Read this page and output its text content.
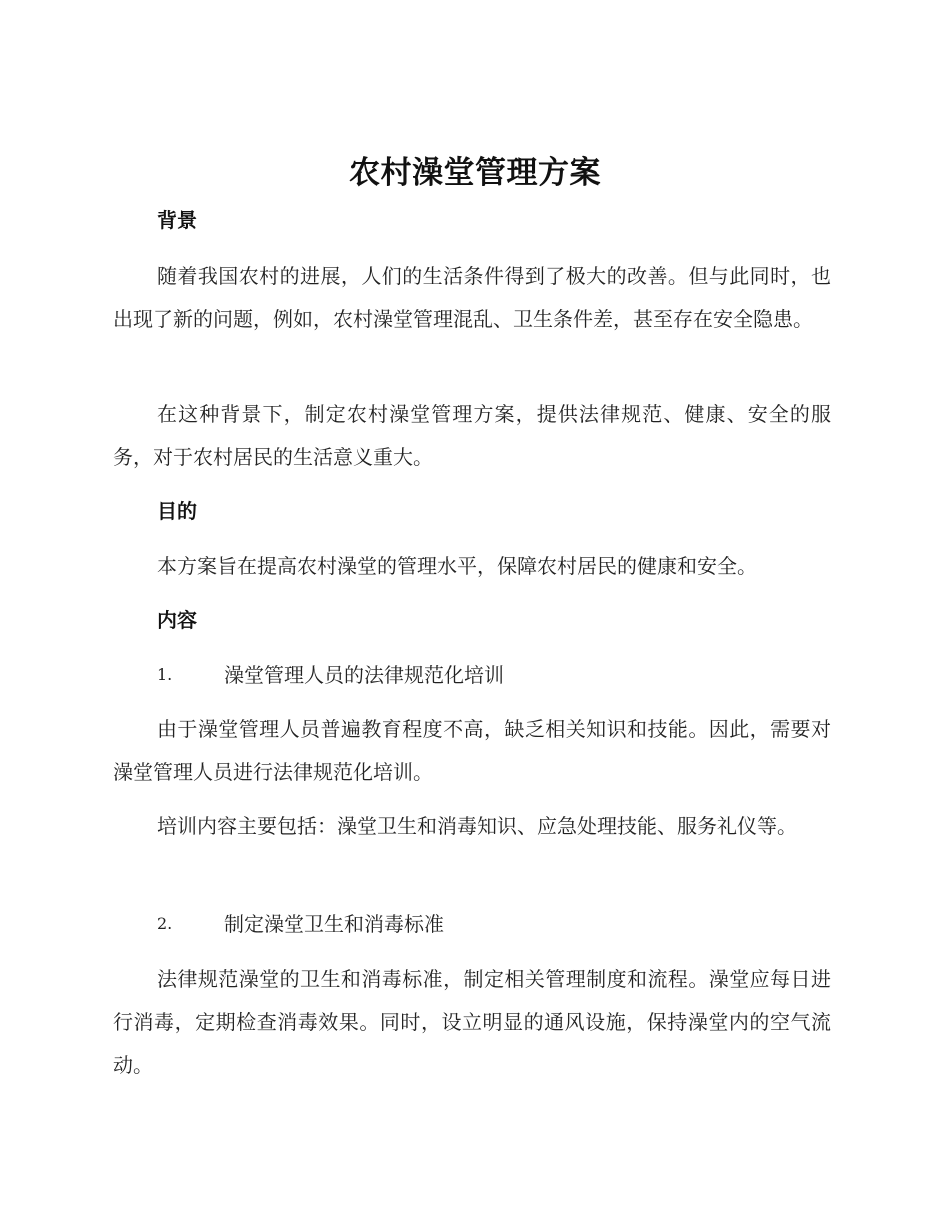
农村澡堂管理方案
背景
随着我国农村的进展，人们的生活条件得到了极大的改善。但与此同时，也出现了新的问题，例如，农村澡堂管理混乱、卫生条件差，甚至存在安全隐患。
在这种背景下，制定农村澡堂管理方案，提供法律规范、健康、安全的服务，对于农村居民的生活意义重大。
目的
本方案旨在提高农村澡堂的管理水平，保障农村居民的健康和安全。
内容
1.	澡堂管理人员的法律规范化培训
由于澡堂管理人员普遍教育程度不高，缺乏相关知识和技能。因此，需要对澡堂管理人员进行法律规范化培训。
培训内容主要包括：澡堂卫生和消毒知识、应急处理技能、服务礼仪等。
2.	制定澡堂卫生和消毒标准
法律规范澡堂的卫生和消毒标准，制定相关管理制度和流程。澡堂应每日进行消毒，定期检查消毒效果。同时，设立明显的通风设施，保持澡堂内的空气流动。
